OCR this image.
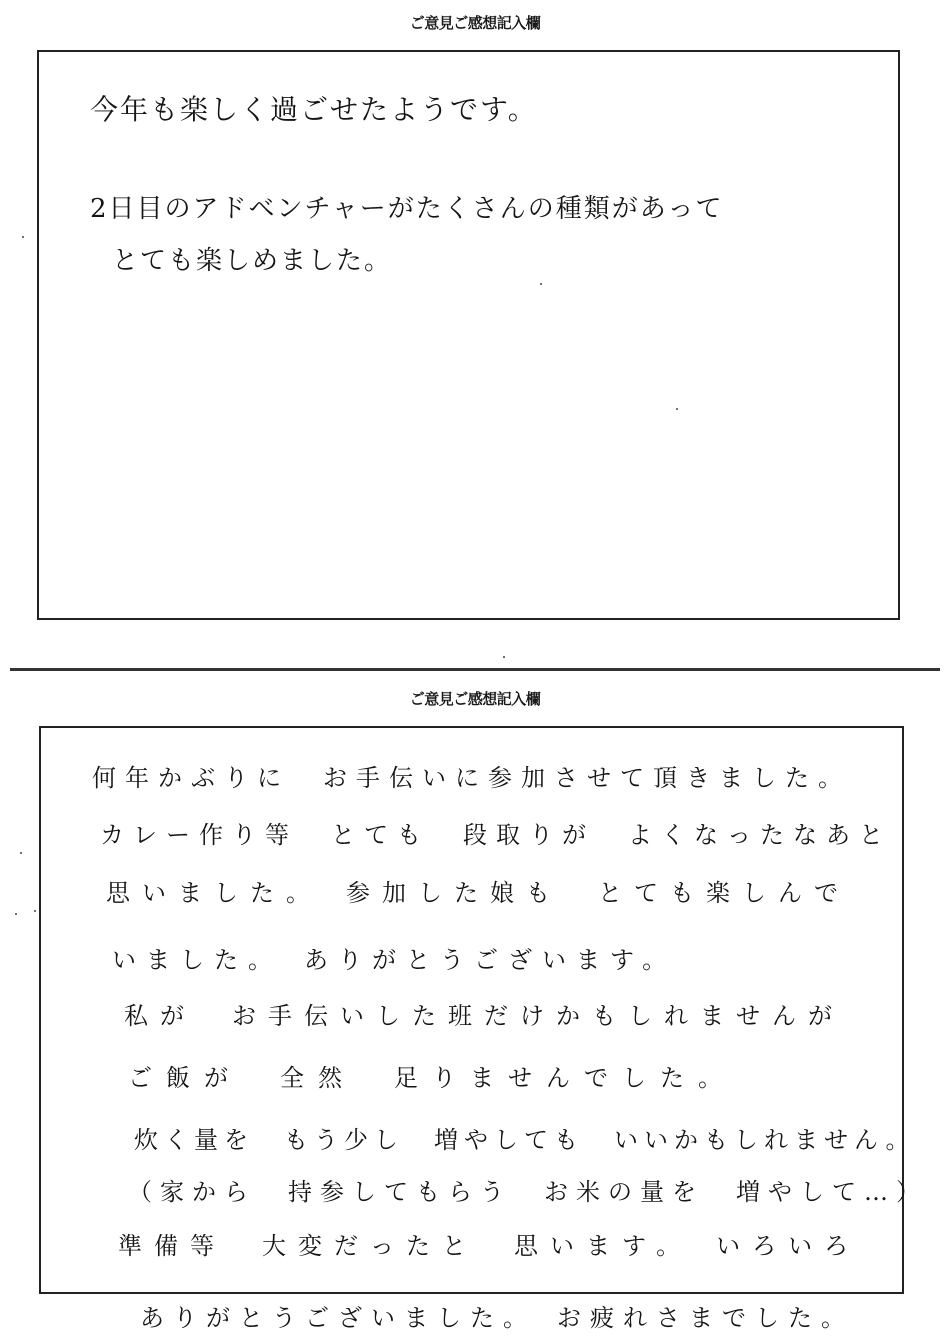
ご意見ご感想記入欄
今年も楽しく過ごせたようです。
2日目のアドベンチャーがたくさんの種類があって
とても楽しめました。
ご意見ご感想記入欄
何年かぶりに　お手伝いに参加させて頂きました。
カレー作り等　とても　段取りが　よくなったなあと
思いました。　参加した娘も　とても楽しんで
いました。　ありがとうございます。
私が　お手伝いした班だけかもしれませんが
ご飯が　全然　足りませんでした。
炊く量を　もう少し　増やしても　いいかもしれません。
（家から　持参してもらう　お米の量を　増やして…）
準備等　大変だったと　思います。　いろいろ
ありがとうございました。　お疲れさまでした。
